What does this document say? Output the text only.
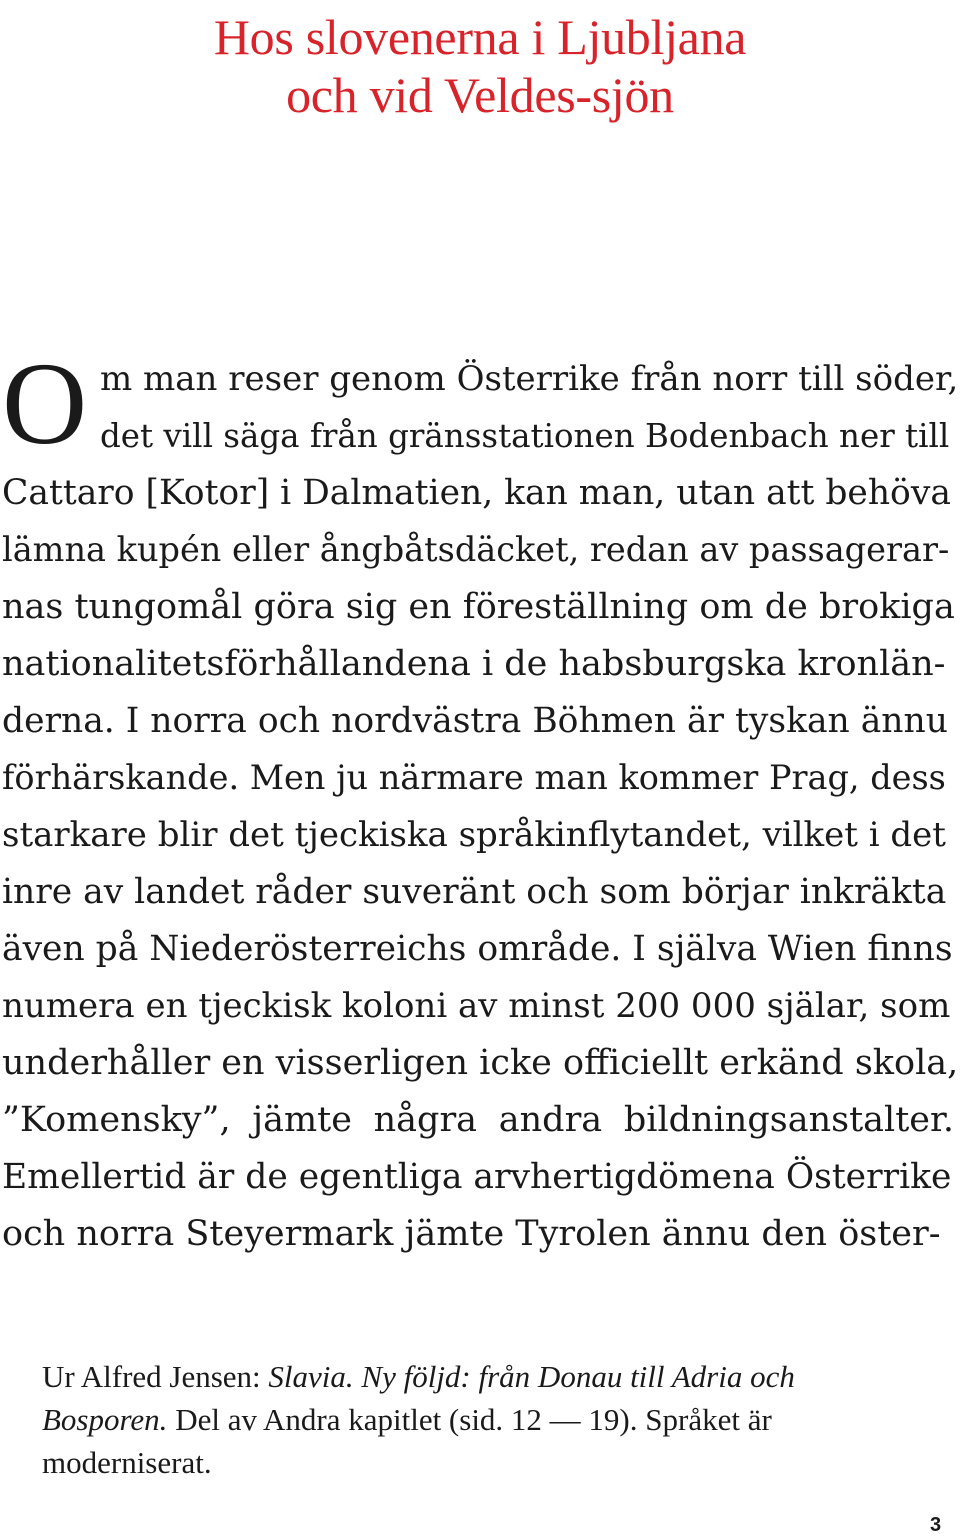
Hos slovenerna i Ljubljana
och vid Veldes-sjön
O m man reser genom Österrike från norr till söder,
det vill säga från gränsstationen Bodenbach ner till
Cattaro [Kotor] i Dalmatien, kan man, utan att behöva
lämna kupén eller ångbåtsdäcket, redan av passagerar-
nas tungomål göra sig en föreställning om de brokiga
nationalitetsförhållandena i de habsburgska kronlän-
derna. I norra och nordvästra Böhmen är tyskan ännu
förhärskande. Men ju närmare man kommer Prag, dess
starkare blir det tjeckiska språkinflytandet, vilket i det
inre av landet råder suveränt och som börjar inkräkta
även på Niederösterreichs område. I själva Wien finns
numera en tjeckisk koloni av minst 200 000 själar, som
underhåller en visserligen icke officiellt erkänd skola,
”Komensky”, jämte några andra bildningsanstalter.
Emellertid är de egentliga arvhertigdömena Österrike
och norra Steyermark jämte Tyrolen ännu den öster-
Ur Alfred Jensen: Slavia. Ny följd: från Donau till Adria och Bosporen. Del av Andra kapitlet (sid. 12 — 19). Språket är moderniserat.
3
